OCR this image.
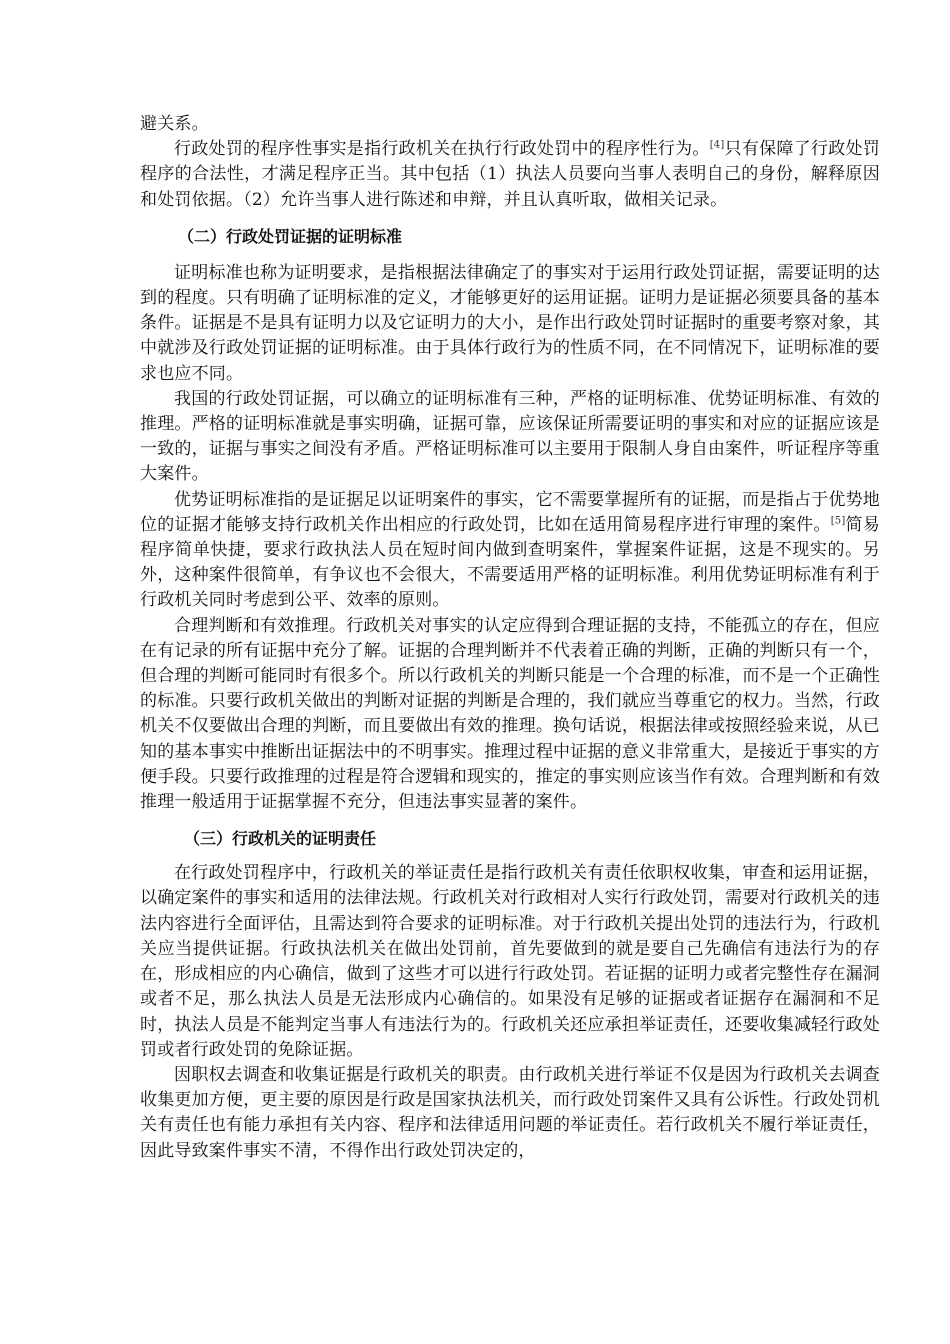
避关系。

行政处罚的程序性事实是指行政机关在执行行政处罚中的程序性行为。[4]只有保障了行政处罚程序的合法性，才满足程序正当。其中包括（1）执法人员要向当事人表明自己的身份，解释原因和处罚依据。（2）允许当事人进行陈述和申辩，并且认真听取，做相关记录。

（二）行政处罚证据的证明标准

证明标准也称为证明要求，是指根据法律确定了的事实对于运用行政处罚证据，需要证明的达到的程度。只有明确了证明标准的定义，才能够更好的运用证据。证明力是证据必须要具备的基本条件。证据是不是具有证明力以及它证明力的大小，是作出行政处罚时证据时的重要考察对象，其中就涉及行政处罚证据的证明标准。由于具体行政行为的性质不同，在不同情况下，证明标准的要求也应不同。

我国的行政处罚证据，可以确立的证明标准有三种，严格的证明标准、优势证明标准、有效的推理。严格的证明标准就是事实明确，证据可靠，应该保证所需要证明的事实和对应的证据应该是一致的，证据与事实之间没有矛盾。严格证明标准可以主要用于限制人身自由案件，听证程序等重大案件。

优势证明标准指的是证据足以证明案件的事实，它不需要掌握所有的证据，而是指占于优势地位的证据才能够支持行政机关作出相应的行政处罚，比如在适用简易程序进行审理的案件。[5]简易程序简单快捷，要求行政执法人员在短时间内做到查明案件，掌握案件证据，这是不现实的。另外，这种案件很简单，有争议也不会很大，不需要适用严格的证明标准。利用优势证明标准有利于行政机关同时考虑到公平、效率的原则。

合理判断和有效推理。行政机关对事实的认定应得到合理证据的支持，不能孤立的存在，但应在有记录的所有证据中充分了解。证据的合理判断并不代表着正确的判断，正确的判断只有一个，但合理的判断可能同时有很多个。所以行政机关的判断只能是一个合理的标准，而不是一个正确性的标准。只要行政机关做出的判断对证据的判断是合理的，我们就应当尊重它的权力。当然，行政机关不仅要做出合理的判断，而且要做出有效的推理。换句话说，根据法律或按照经验来说，从已知的基本事实中推断出证据法中的不明事实。推理过程中证据的意义非常重大，是接近于事实的方便手段。只要行政推理的过程是符合逻辑和现实的，推定的事实则应该当作有效。合理判断和有效推理一般适用于证据掌握不充分，但违法事实显著的案件。

（三）行政机关的证明责任

在行政处罚程序中，行政机关的举证责任是指行政机关有责任依职权收集，审查和运用证据，以确定案件的事实和适用的法律法规。行政机关对行政相对人实行行政处罚，需要对行政机关的违法内容进行全面评估，且需达到符合要求的证明标准。对于行政机关提出处罚的违法行为，行政机关应当提供证据。行政执法机关在做出处罚前，首先要做到的就是要自己先确信有违法行为的存在，形成相应的内心确信，做到了这些才可以进行行政处罚。若证据的证明力或者完整性存在漏洞或者不足，那么执法人员是无法形成内心确信的。如果没有足够的证据或者证据存在漏洞和不足时，执法人员是不能判定当事人有违法行为的。行政机关还应承担举证责任，还要收集减轻行政处罚或者行政处罚的免除证据。

因职权去调查和收集证据是行政机关的职责。由行政机关进行举证不仅是因为行政机关去调查收集更加方便，更主要的原因是行政是国家执法机关，而行政处罚案件又具有公诉性。行政处罚机关有责任也有能力承担有关内容、程序和法律适用问题的举证责任。若行政机关不履行举证责任，因此导致案件事实不清，不得作出行政处罚决定的，
